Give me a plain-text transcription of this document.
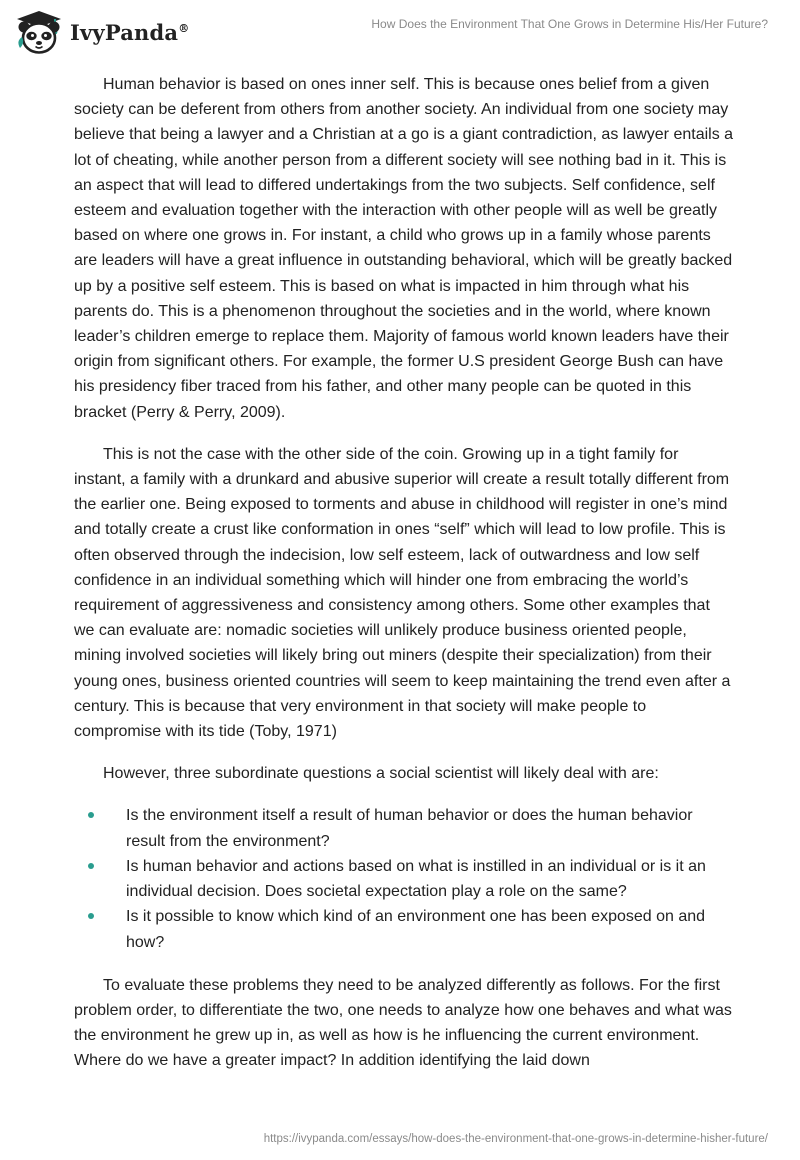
IvyPanda®	How Does the Environment That One Grows in Determine His/Her Future?

Human behavior is based on ones inner self. This is because ones belief from a given society can be deferent from others from another society. An individual from one society may believe that being a lawyer and a Christian at a go is a giant contradiction, as lawyer entails a lot of cheating, while another person from a different society will see nothing bad in it. This is an aspect that will lead to differed undertakings from the two subjects. Self confidence, self esteem and evaluation together with the interaction with other people will as well be greatly based on where one grows in. For instant, a child who grows up in a family whose parents are leaders will have a great influence in outstanding behavioral, which will be greatly backed up by a positive self esteem. This is based on what is impacted in him through what his parents do. This is a phenomenon throughout the societies and in the world, where known leader’s children emerge to replace them. Majority of famous world known leaders have their origin from significant others. For example, the former U.S president George Bush can have his presidency fiber traced from his father, and other many people can be quoted in this bracket (Perry & Perry, 2009).

This is not the case with the other side of the coin. Growing up in a tight family for instant, a family with a drunkard and abusive superior will create a result totally different from the earlier one. Being exposed to torments and abuse in childhood will register in one’s mind and totally create a crust like conformation in ones “self” which will lead to low profile. This is often observed through the indecision, low self esteem, lack of outwardness and low self confidence in an individual something which will hinder one from embracing the world’s requirement of aggressiveness and consistency among others. Some other examples that we can evaluate are: nomadic societies will unlikely produce business oriented people, mining involved societies will likely bring out miners (despite their specialization) from their young ones, business oriented countries will seem to keep maintaining the trend even after a century. This is because that very environment in that society will make people to compromise with its tide (Toby, 1971)

However, three subordinate questions a social scientist will likely deal with are:

Is the environment itself a result of human behavior or does the human behavior result from the environment?
Is human behavior and actions based on what is instilled in an individual or is it an individual decision. Does societal expectation play a role on the same?
Is it possible to know which kind of an environment one has been exposed on and how?

To evaluate these problems they need to be analyzed differently as follows. For the first problem order, to differentiate the two, one needs to analyze how one behaves and what was the environment he grew up in, as well as how is he influencing the current environment. Where do we have a greater impact? In addition identifying the laid down

https://ivypanda.com/essays/how-does-the-environment-that-one-grows-in-determine-hisher-future/
